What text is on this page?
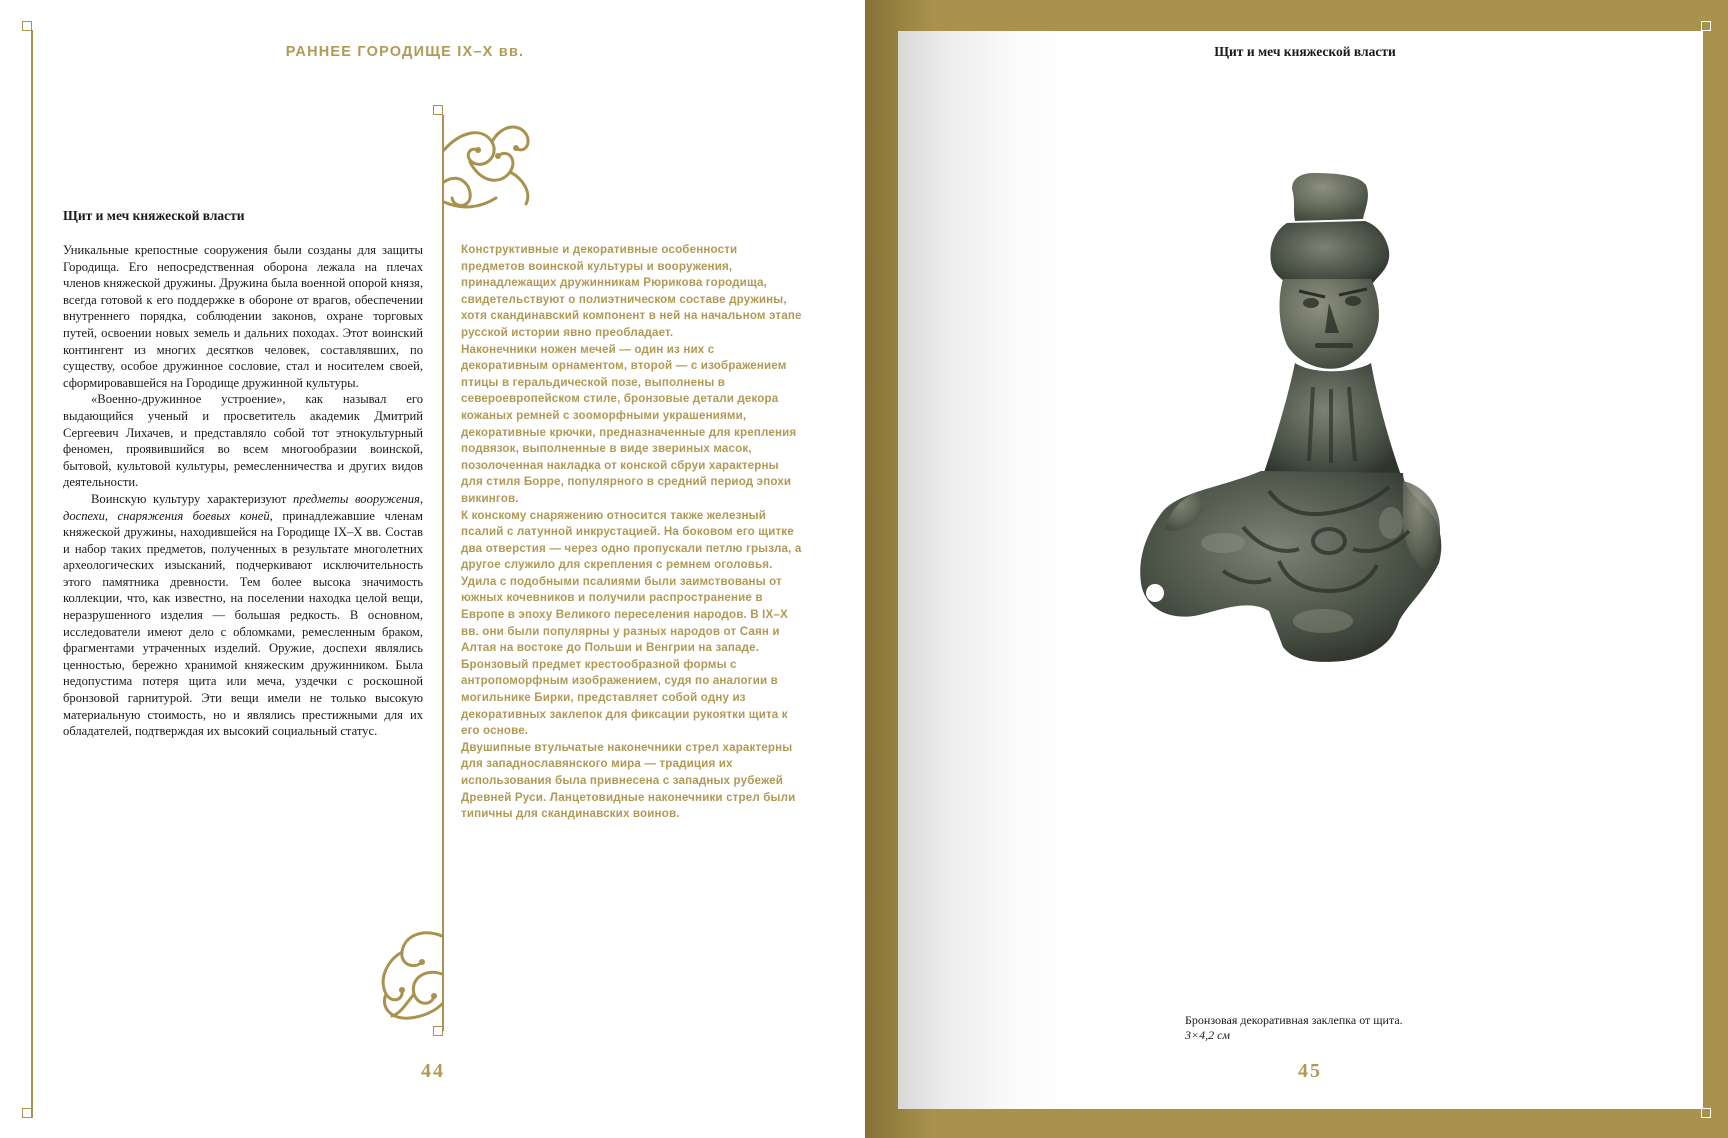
РАННЕЕ ГОРОДИЩЕ IX–X вв.
Щит и меч княжеской власти

Уникальные крепостные сооружения были созданы для защиты Городища. Его непосредственная оборона лежала на плечах членов княжеской дружины. Дружина была военной опорой князя, всегда готовой к его поддержке в обороне от врагов, обеспечении внутреннего порядка, соблюдении законов, охране торговых путей, освоении новых земель и дальних походах. Этот воинский контингент из многих десятков человек, составлявших, по существу, особое дружинное сословие, стал и носителем своей, сформировавшейся на Городище дружинной культуры.

«Военно-дружинное устроение», как называл его выдающийся ученый и просветитель академик Дмитрий Сергеевич Лихачев, и представляло собой тот этнокультурный феномен, проявившийся во всем многообразии воинской, бытовой, культовой культуры, ремесленничества и других видов деятельности.

Воинскую культуру характеризуют предметы вооружения, доспехи, снаряжения боевых коней, принадлежавшие членам княжеской дружины, находившейся на Городище IX–X вв. Состав и набор таких предметов, полученных в результате многолетних археологических изысканий, подчеркивают исключительность этого памятника древности. Тем более высока значимость коллекции, что, как известно, на поселении находка целой вещи, неразрушенного изделия — большая редкость. В основном, исследователи имеют дело с обломками, ремесленным браком, фрагментами утраченных изделий. Оружие, доспехи являлись ценностью, бережно хранимой княжеским дружинником. Была недопустима потеря щита или меча, уздечки с роскошной бронзовой гарнитурой. Эти вещи имели не только высокую материальную стоимость, но и являлись престижными для их обладателей, подтверждая их высокий социальный статус.

Конструктивные и декоративные особенности предметов воинской культуры и вооружения, принадлежащих дружинникам Рюрикова городища, свидетельствуют о полиэтническом составе дружины, хотя скандинавский компонент в ней на начальном этапе русской истории явно преобладает.

Наконечники ножен мечей — один из них с декоративным орнаментом, второй — с изображением птицы в геральдической позе, выполнены в североевропейском стиле, бронзовые детали декора кожаных ремней с зооморфными украшениями, декоративные крючки, предназначенные для крепления подвязок, выполненные в виде звериных масок, позолоченная накладка от конской сбруи характерны для стиля Борре, популярного в средний период эпохи викингов.

К конскому снаряжению относится также железный псалий с латунной инкрустацией. На боковом его щитке два отверстия — через одно пропускали петлю грызла, а другое служило для скрепления с ремнем оголовья. Удила с подобными псалиями были заимствованы от южных кочевников и получили распространение в Европе в эпоху Великого переселения народов. В IX–X вв. они были популярны у разных народов от Саян и Алтая на востоке до Польши и Венгрии на западе.

Бронзовый предмет крестообразной формы с антропоморфным изображением, судя по аналогии в могильнике Бирки, представляет собой одну из декоративных заклепок для фиксации рукоятки щита к его основе.

Двушипные втульчатые наконечники стрел характерны для западнославянского мира — традиция их использования была привнесена с западных рубежей Древней Руси. Ланцетовидные наконечники стрел были типичны для скандинавских воинов.

44
Щит и меч княжеской власти
Бронзовая декоративная заклепка от щита.
3×4,2 см
45
